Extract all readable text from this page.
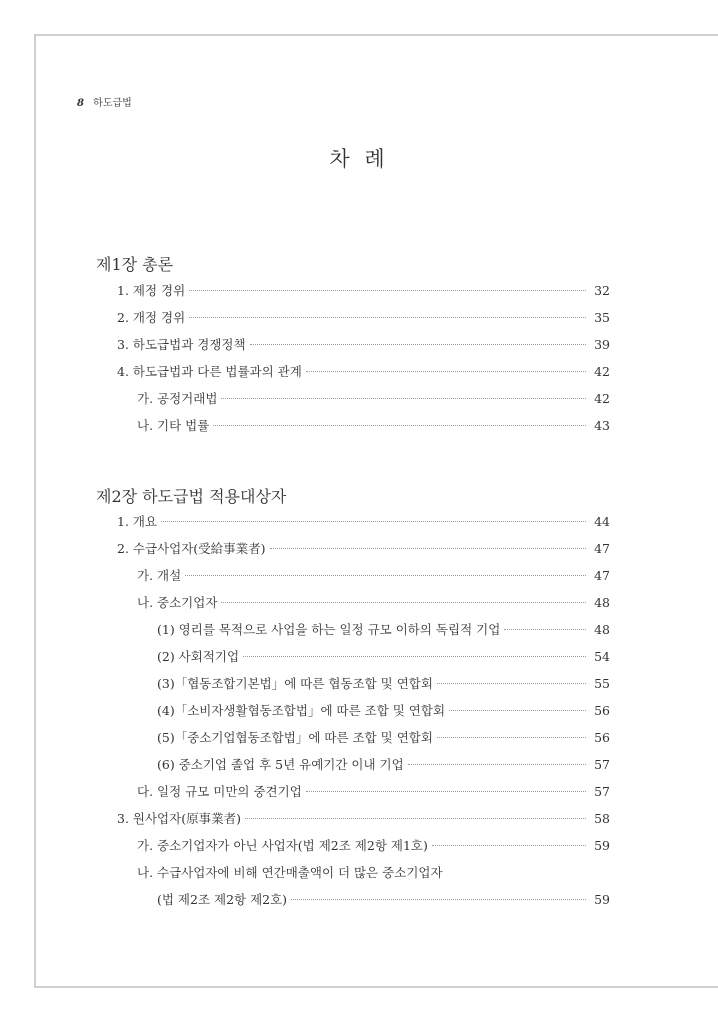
8 하도급법
차 례
제1장 총론
제2장 하도급법 적용대상자
1. 제정 경위	32
2. 개정 경위	35
3. 하도급법과 경쟁정책	39
4. 하도급법과 다른 법률과의 관계	42
가. 공정거래법	42
나. 기타 법률	43
1. 개요	44
2. 수급사업자(受給事業者)	47
가. 개설	47
나. 중소기업자	48
(1) 영리를 목적으로 사업을 하는 일정 규모 이하의 독립적 기업	48
(2) 사회적기업	54
(3)「협동조합기본법」에 따른 협동조합 및 연합회	55
(4)「소비자생활협동조합법」에 따른 조합 및 연합회	56
(5)「중소기업협동조합법」에 따른 조합 및 연합회	56
(6) 중소기업 졸업 후 5년 유예기간 이내 기업	57
다. 일정 규모 미만의 중견기업	57
3. 원사업자(原事業者)	58
가. 중소기업자가 아닌 사업자(법 제2조 제2항 제1호)	59
나. 수급사업자에 비해 연간매출액이 더 많은 중소기업자
(법 제2조 제2항 제2호)	59
